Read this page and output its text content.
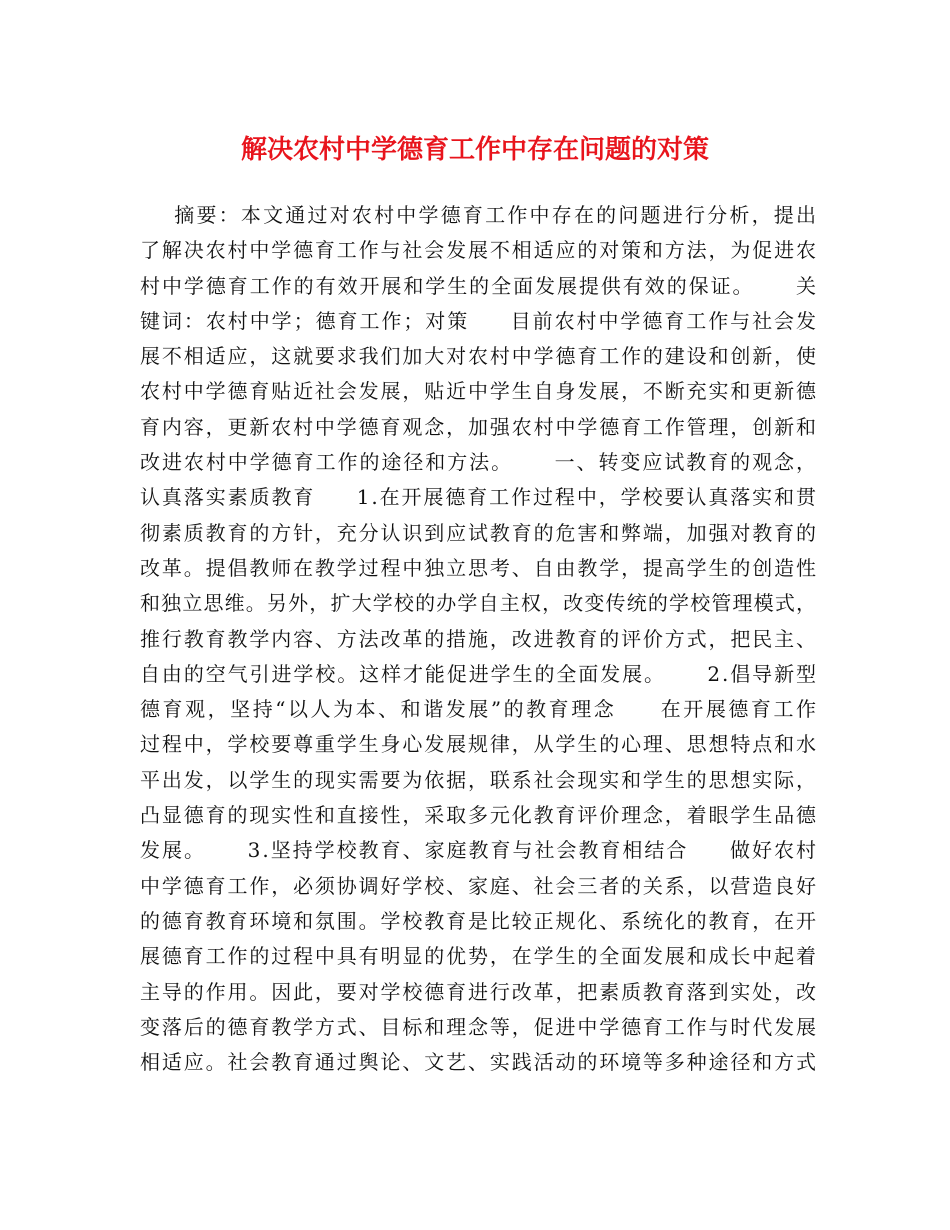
解决农村中学德育工作中存在问题的对策
摘要：本文通过对农村中学德育工作中存在的问题进行分析，提出
了解决农村中学德育工作与社会发展不相适应的对策和方法，为促进农
村中学德育工作的有效开展和学生的全面发展提供有效的保证。     关
键词：农村中学；德育工作；对策     目前农村中学德育工作与社会发
展不相适应，这就要求我们加大对农村中学德育工作的建设和创新，使
农村中学德育贴近社会发展，贴近中学生自身发展，不断充实和更新德
育内容，更新农村中学德育观念，加强农村中学德育工作管理，创新和
改进农村中学德育工作的途径和方法。     一、转变应试教育的观念，
认真落实素质教育     1.在开展德育工作过程中，学校要认真落实和贯
彻素质教育的方针，充分认识到应试教育的危害和弊端，加强对教育的
改革。提倡教师在教学过程中独立思考、自由教学，提高学生的创造性
和独立思维。另外，扩大学校的办学自主权，改变传统的学校管理模式，
推行教育教学内容、方法改革的措施，改进教育的评价方式，把民主、
自由的空气引进学校。这样才能促进学生的全面发展。     2.倡导新型
德育观，坚持“以人为本、和谐发展”的教育理念     在开展德育工作
过程中，学校要尊重学生身心发展规律，从学生的心理、思想特点和水
平出发，以学生的现实需要为依据，联系社会现实和学生的思想实际，
凸显德育的现实性和直接性，采取多元化教育评价理念，着眼学生品德
发展。     3.坚持学校教育、家庭教育与社会教育相结合     做好农村
中学德育工作，必须协调好学校、家庭、社会三者的关系，以营造良好
的德育教育环境和氛围。学校教育是比较正规化、系统化的教育，在开
展德育工作的过程中具有明显的优势，在学生的全面发展和成长中起着
主导的作用。因此，要对学校德育进行改革，把素质教育落到实处，改
变落后的德育教学方式、目标和理念等，促进中学德育工作与时代发展
相适应。社会教育通过舆论、文艺、实践活动的环境等多种途径和方式
